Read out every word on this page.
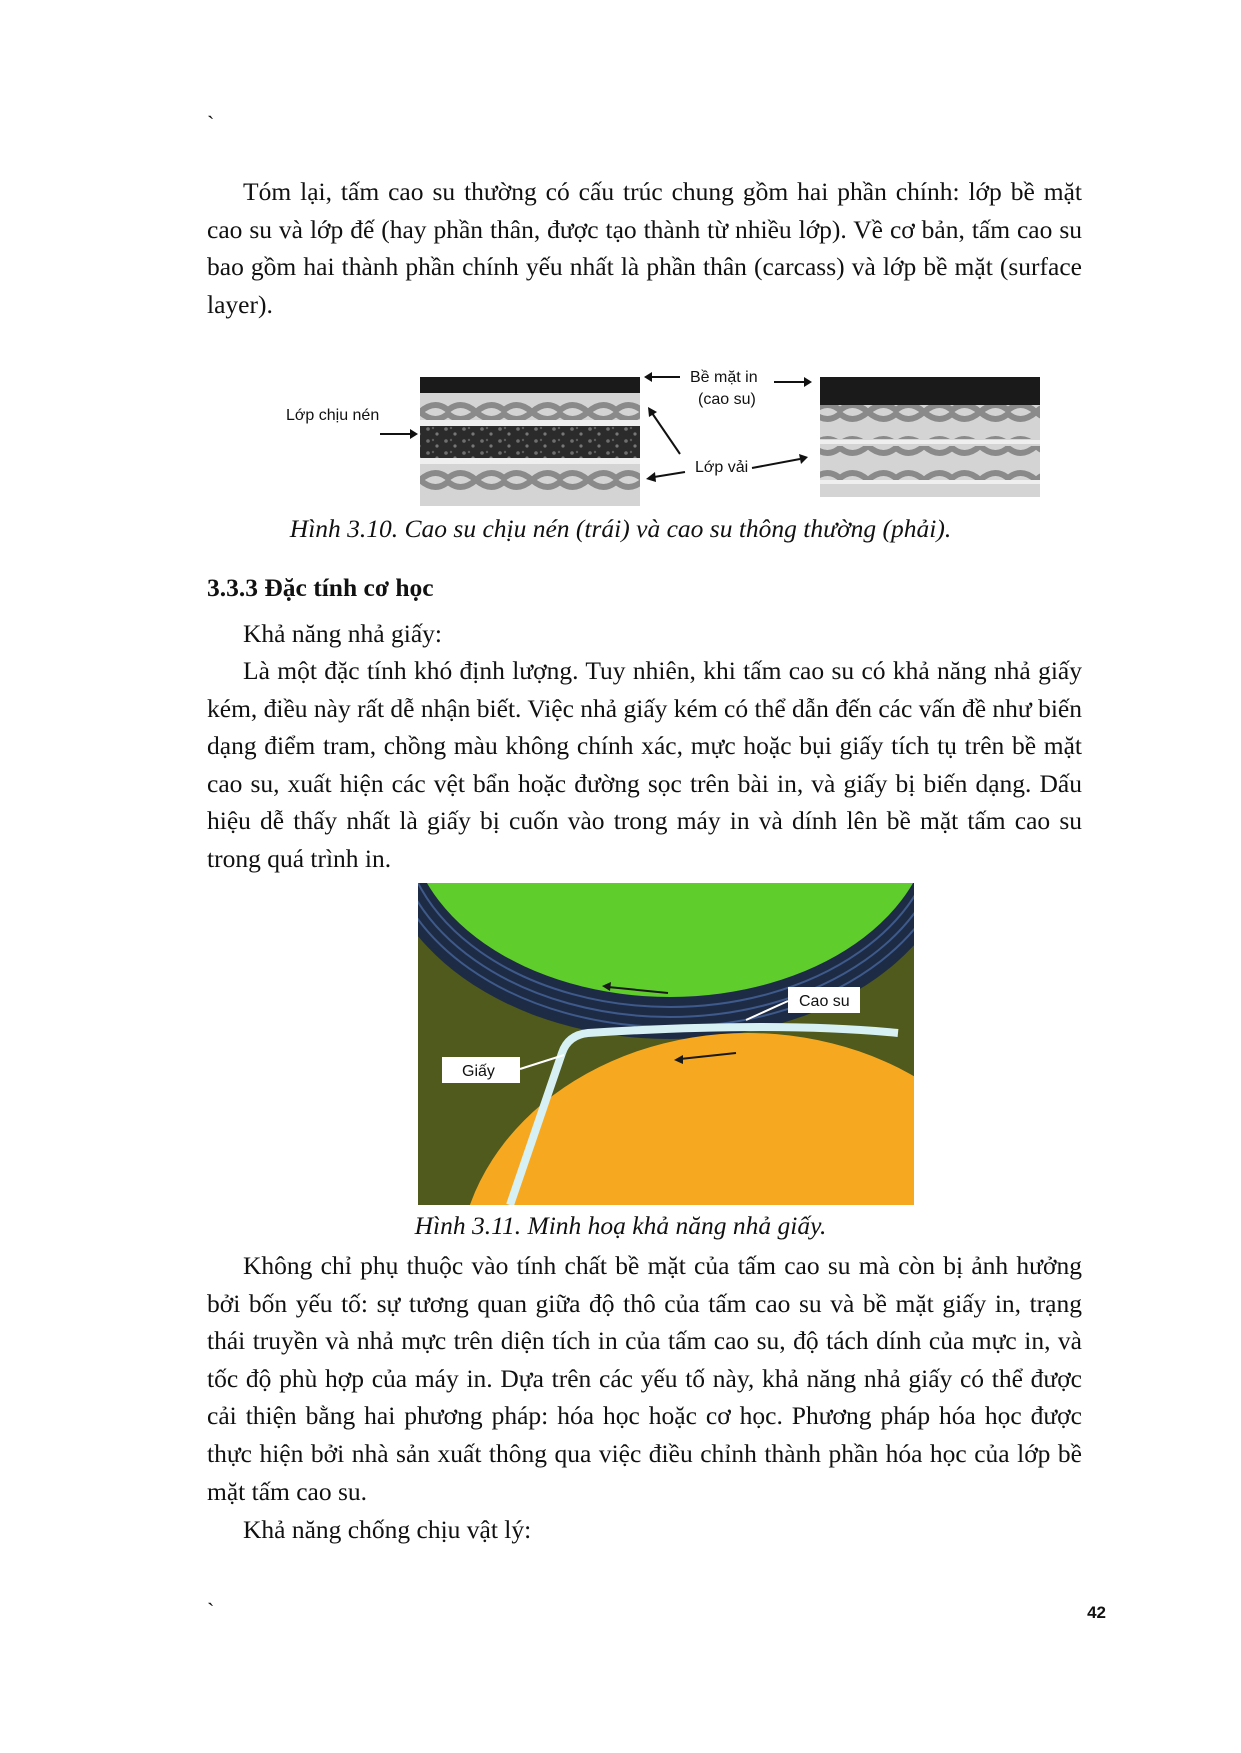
`

Tóm lại, tấm cao su thường có cấu trúc chung gồm hai phần chính: lớp bề mặt cao su và lớp đế (hay phần thân, được tạo thành từ nhiều lớp). Về cơ bản, tấm cao su bao gồm hai thành phần chính yếu nhất là phần thân (carcass) và lớp bề mặt (surface layer).

Lớp chịu nén
Bề mặt in
(cao su)
Lớp vải

Hình 3.10. Cao su chịu nén (trái) và cao su thông thường (phải).

3.3.3 Đặc tính cơ học

Khả năng nhả giấy:

Là một đặc tính khó định lượng. Tuy nhiên, khi tấm cao su có khả năng nhả giấy kém, điều này rất dễ nhận biết. Việc nhả giấy kém có thể dẫn đến các vấn đề như biến dạng điểm tram, chồng màu không chính xác, mực hoặc bụi giấy tích tụ trên bề mặt cao su, xuất hiện các vệt bẩn hoặc đường sọc trên bài in, và giấy bị biến dạng. Dấu hiệu dễ thấy nhất là giấy bị cuốn vào trong máy in và dính lên bề mặt tấm cao su trong quá trình in.

Cao su
Giấy

Hình 3.11. Minh hoạ khả năng nhả giấy.

Không chỉ phụ thuộc vào tính chất bề mặt của tấm cao su mà còn bị ảnh hưởng bởi bốn yếu tố: sự tương quan giữa độ thô của tấm cao su và bề mặt giấy in, trạng thái truyền và nhả mực trên diện tích in của tấm cao su, độ tách dính của mực in, và tốc độ phù hợp của máy in. Dựa trên các yếu tố này, khả năng nhả giấy có thể được cải thiện bằng hai phương pháp: hóa học hoặc cơ học. Phương pháp hóa học được thực hiện bởi nhà sản xuất thông qua việc điều chỉnh thành phần hóa học của lớp bề mặt tấm cao su.

Khả năng chống chịu vật lý:

`	42
